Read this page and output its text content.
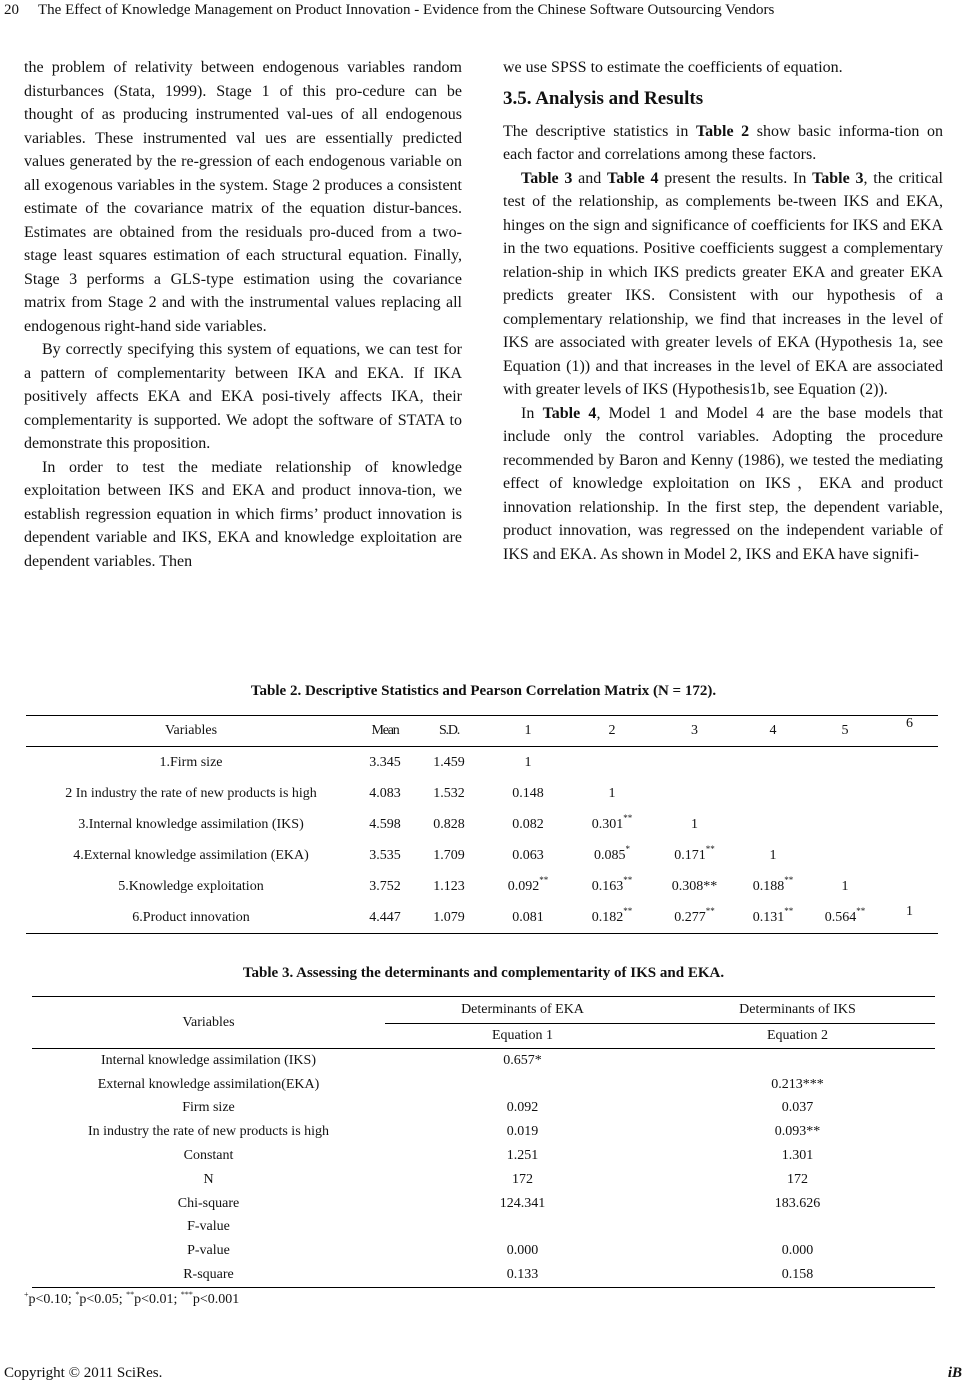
20 The Effect of Knowledge Management on Product Innovation - Evidence from the Chinese Software Outsourcing Vendors

the problem of relativity between endogenous variables random disturbances (Stata, 1999). Stage 1 of this pro-cedure can be thought of as producing instrumented val-ues of all endogenous variables. These instrumented val ues are essentially predicted values generated by the re-gression of each endogenous variable on all exogenous variables in the system. Stage 2 produces a consistent estimate of the covariance matrix of the equation distur-bances. Estimates are obtained from the residuals pro-duced from a two-stage least squares estimation of each structural equation. Finally, Stage 3 performs a GLS-type estimation using the covariance matrix from Stage 2 and with the instrumental values replacing all endogenous right-hand side variables.

By correctly specifying this system of equations, we can test for a pattern of complementarity between IKA and EKA. If IKA positively affects EKA and EKA posi-tively affects IKA, their complementarity is supported. We adopt the software of STATA to demonstrate this proposition.

In order to test the mediate relationship of knowledge exploitation between IKS and EKA and product innova-tion, we establish regression equation in which firms’ product innovation is dependent variable and IKS, EKA and knowledge exploitation are dependent variables. Then

we use SPSS to estimate the coefficients of equation.

3.5. Analysis and Results

The descriptive statistics in Table 2 show basic informa-tion on each factor and correlations among these factors.

Table 3 and Table 4 present the results. In Table 3, the critical test of the relationship, as complements be-tween IKS and EKA, hinges on the sign and significance of coefficients for IKS and EKA in the two equations. Positive coefficients suggest a complementary relation-ship in which IKS predicts greater EKA and greater EKA predicts greater IKS. Consistent with our hypothesis of a complementary relationship, we find that increases in the level of IKS are associated with greater levels of EKA (Hypothesis 1a, see Equation (1)) and that increases in the level of EKA are associated with greater levels of IKS (Hypothesis1b, see Equation (2)).

In Table 4, Model 1 and Model 4 are the base models that include only the control variables. Adopting the procedure recommended by Baron and Kenny (1986), we tested the mediating effect of knowledge exploitation on IKS，EKA and product innovation relationship. In the first step, the dependent variable, product innovation, was regressed on the independent variable of IKS and EKA. As shown in Model 2, IKS and EKA have signifi-

Table 2. Descriptive Statistics and Pearson Correlation Matrix (N = 172).
Variables	Mean	S.D.	1	2	3	4	5	6
1.Firm size	3.345	1.459	1					
2 In industry the rate of new products is high	4.083	1.532	0.148	1				
3.Internal knowledge assimilation (IKS)	4.598	0.828	0.082	0.301**	1			
4.External knowledge assimilation (EKA)	3.535	1.709	0.063	0.085*	0.171**	1		
5.Knowledge exploitation	3.752	1.123	0.092**	0.163**	0.308**	0.188**	1	
6.Product innovation	4.447	1.079	0.081	0.182**	0.277**	0.131**	0.564**	1
Table 3. Assessing the determinants and complementarity of IKS and EKA.
Variables	Determinants of EKA	Determinants of IKS
	Equation 1	Equation 2
Internal knowledge assimilation (IKS)	0.657*	
External knowledge assimilation(EKA)		0.213***
Firm size	0.092	0.037
In industry the rate of new products is high	0.019	0.093**
Constant	1.251	1.301
N	172	172
Chi-square	124.341	183.626
F-value		
P-value	0.000	0.000
R-square	0.133	0.158
+p<0.10; *p<0.05; **p<0.01; ***p<0.001
Copyright © 2011 SciRes.	iB
